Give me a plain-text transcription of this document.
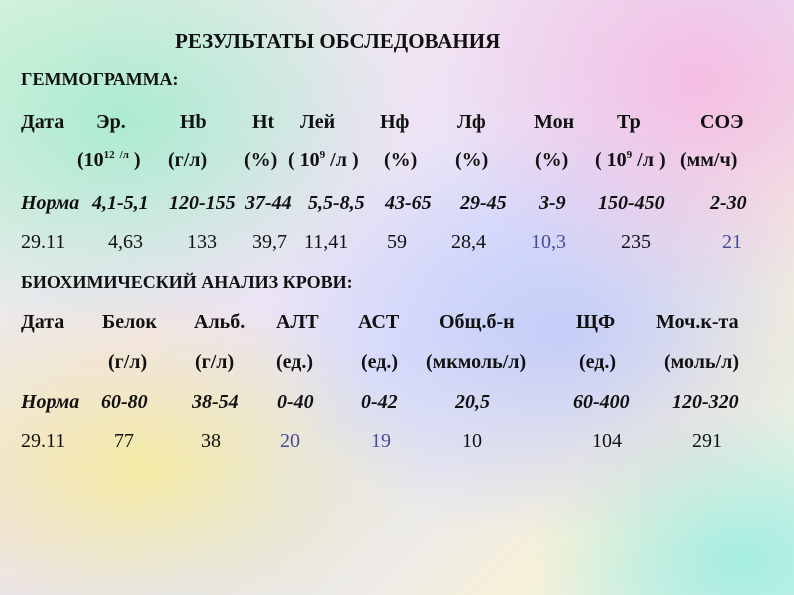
РЕЗУЛЬТАТЫ ОБСЛЕДОВАНИЯ
ГЕММОГРАММА:
Дата Эр.	Hb Ht Лей Нф Лф Мон Тр	СОЭ
($10^{12}$ $^{/л}$ ) (г/л) (%) ( $10^9$ /л ) (%) (%) (%) ( $10^9$ /л ) (мм/ч)
Норма 4,1-5,1 120-155 37-44 5,5-8,5 43-65 29-45 3-9 150-450 2-30
29.11 4,63 133 39,7 11,41 59 28,4 10,3	235	21
БИОХИМИЧЕСКИЙ АНАЛИЗ КРОВИ:
Дата Белок Альб. АЛТ АСТ Общ.б-н	ЩФ Моч.к-та
(г/л) (г/л) (ед.) (ед.) (мкмоль/л)	(ед.) (моль/л)
Норма 60-80 38-54 0-40 0-42	20,5	60-400 120-320
29.11 77	38	20	19	10	104	291
